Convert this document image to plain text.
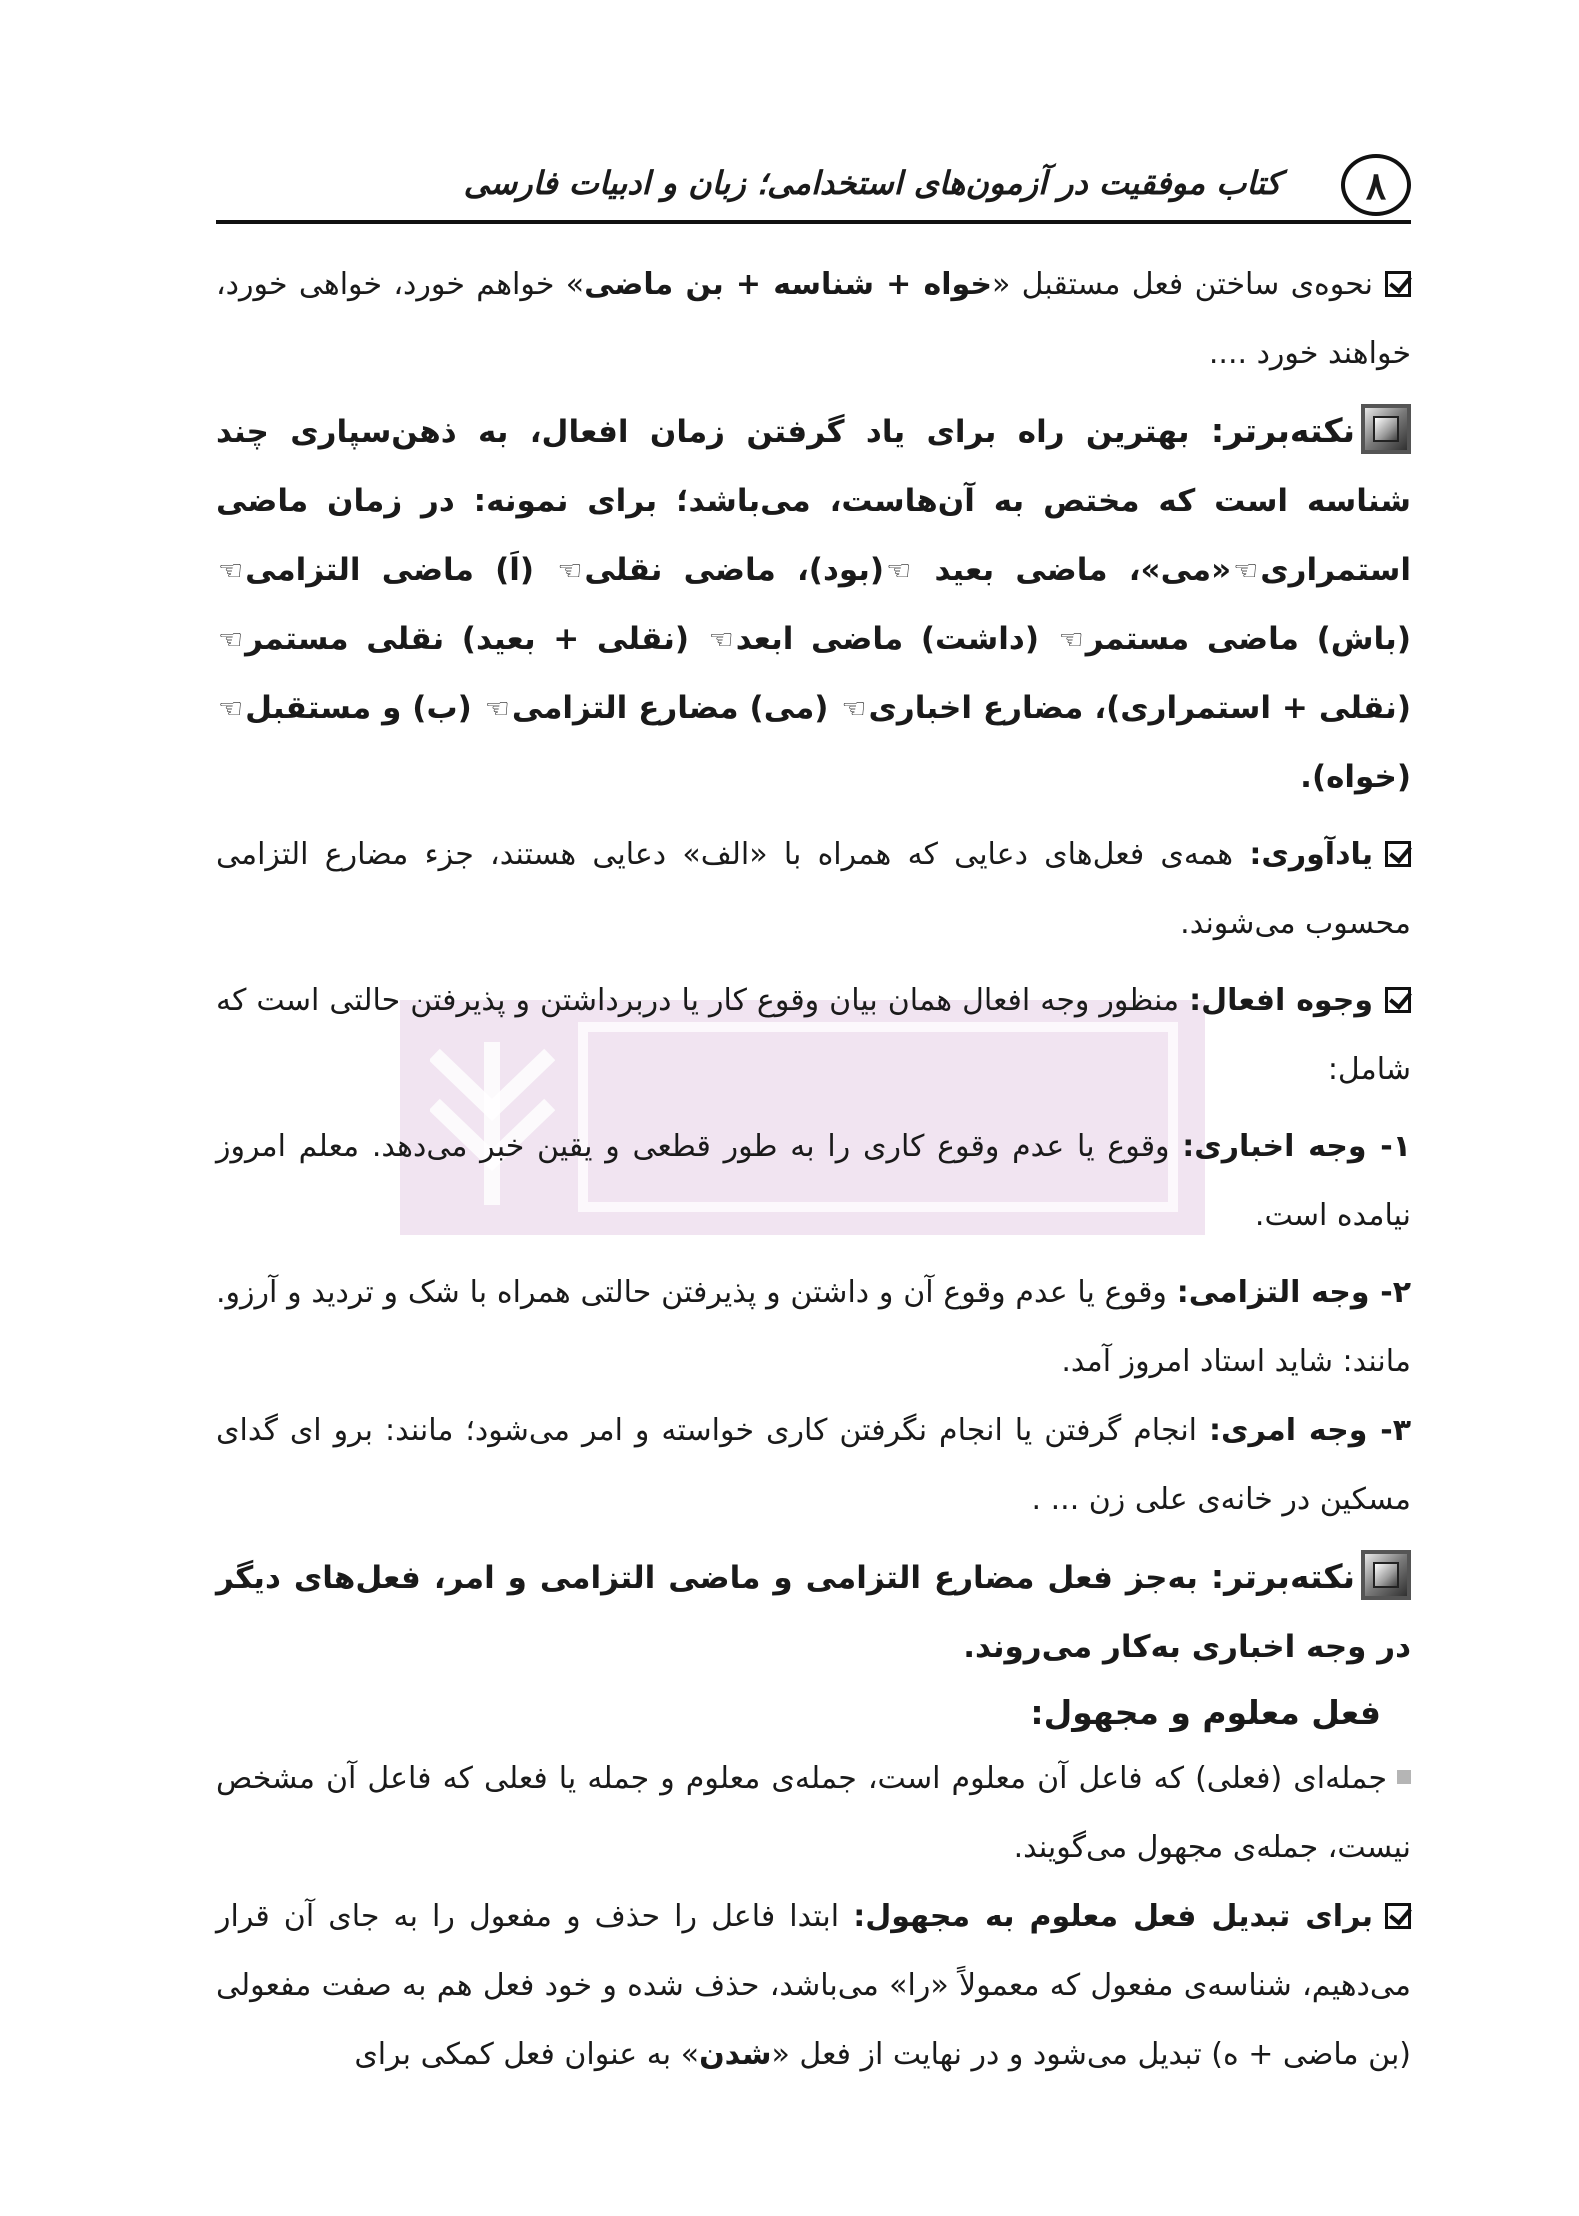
۸
کتاب موفقیت در آزمون‌های استخدامی؛ زبان و ادبیات فارسی

نحوه‌ی ساختن فعل مستقبل «خواه + شناسه + بن ماضی» خواهم خورد، خواهی خورد، خواهند خورد ....

نکته‌برتر: بهترین راه برای یاد گرفتن زمان افعال، به ذهن‌سپاری چند شناسه است که مختص به آن‌هاست، می‌باشد؛ برای نمونه: در زمان ماضی استمراری☜«می»، ماضی بعید ☜(بود)، ماضی نقلی☜ (اَ) ماضی التزامی☜ (باش) ماضی مستمر☜ (داشت) ماضی ابعد☜ (نقلی + بعید) نقلی مستمر☜ (نقلی + استمراری)، مضارع اخباری☜ (می) مضارع التزامی☜ (ب) و مستقبل☜ (خواه).

یادآوری: همه‌ی فعل‌های دعایی که همراه با «الف» دعایی هستند، جزء مضارع التزامی محسوب می‌شوند.

وجوه افعال: منظور وجه افعال همان بیان وقوع کار یا دربرداشتن و پذیرفتن حالتی است که شامل:

۱- وجه اخباری: وقوع یا عدم وقوع کاری را به طور قطعی و یقین خبر می‌دهد. معلم امروز نیامده است.

۲- وجه التزامی: وقوع یا عدم وقوع آن و داشتن و پذیرفتن حالتی همراه با شک و تردید و آرزو. مانند: شاید استاد امروز آمد.

۳- وجه امری: انجام گرفتن یا انجام نگرفتن کاری خواسته و امر می‌شود؛ مانند: برو ای گدای مسکین در خانه‌ی علی زن ... .

نکته‌برتر: به‌جز فعل مضارع التزامی و ماضی التزامی و امر، فعل‌های دیگر در وجه اخباری به‌کار می‌روند.

فعل معلوم و مجهول:

جمله‌ای (فعلی) که فاعل آن معلوم است، جمله‌ی معلوم و جمله یا فعلی که فاعل آن مشخص نیست، جمله‌ی مجهول می‌گویند.

برای تبدیل فعل معلوم به مجهول: ابتدا فاعل را حذف و مفعول را به جای آن قرار می‌دهیم، شناسه‌ی مفعول که معمولاً «را» می‌باشد، حذف شده و خود فعل هم به صفت مفعولی (بن ماضی + ه) تبدیل می‌شود و در نهایت از فعل «شدن» به عنوان فعل کمکی برای
